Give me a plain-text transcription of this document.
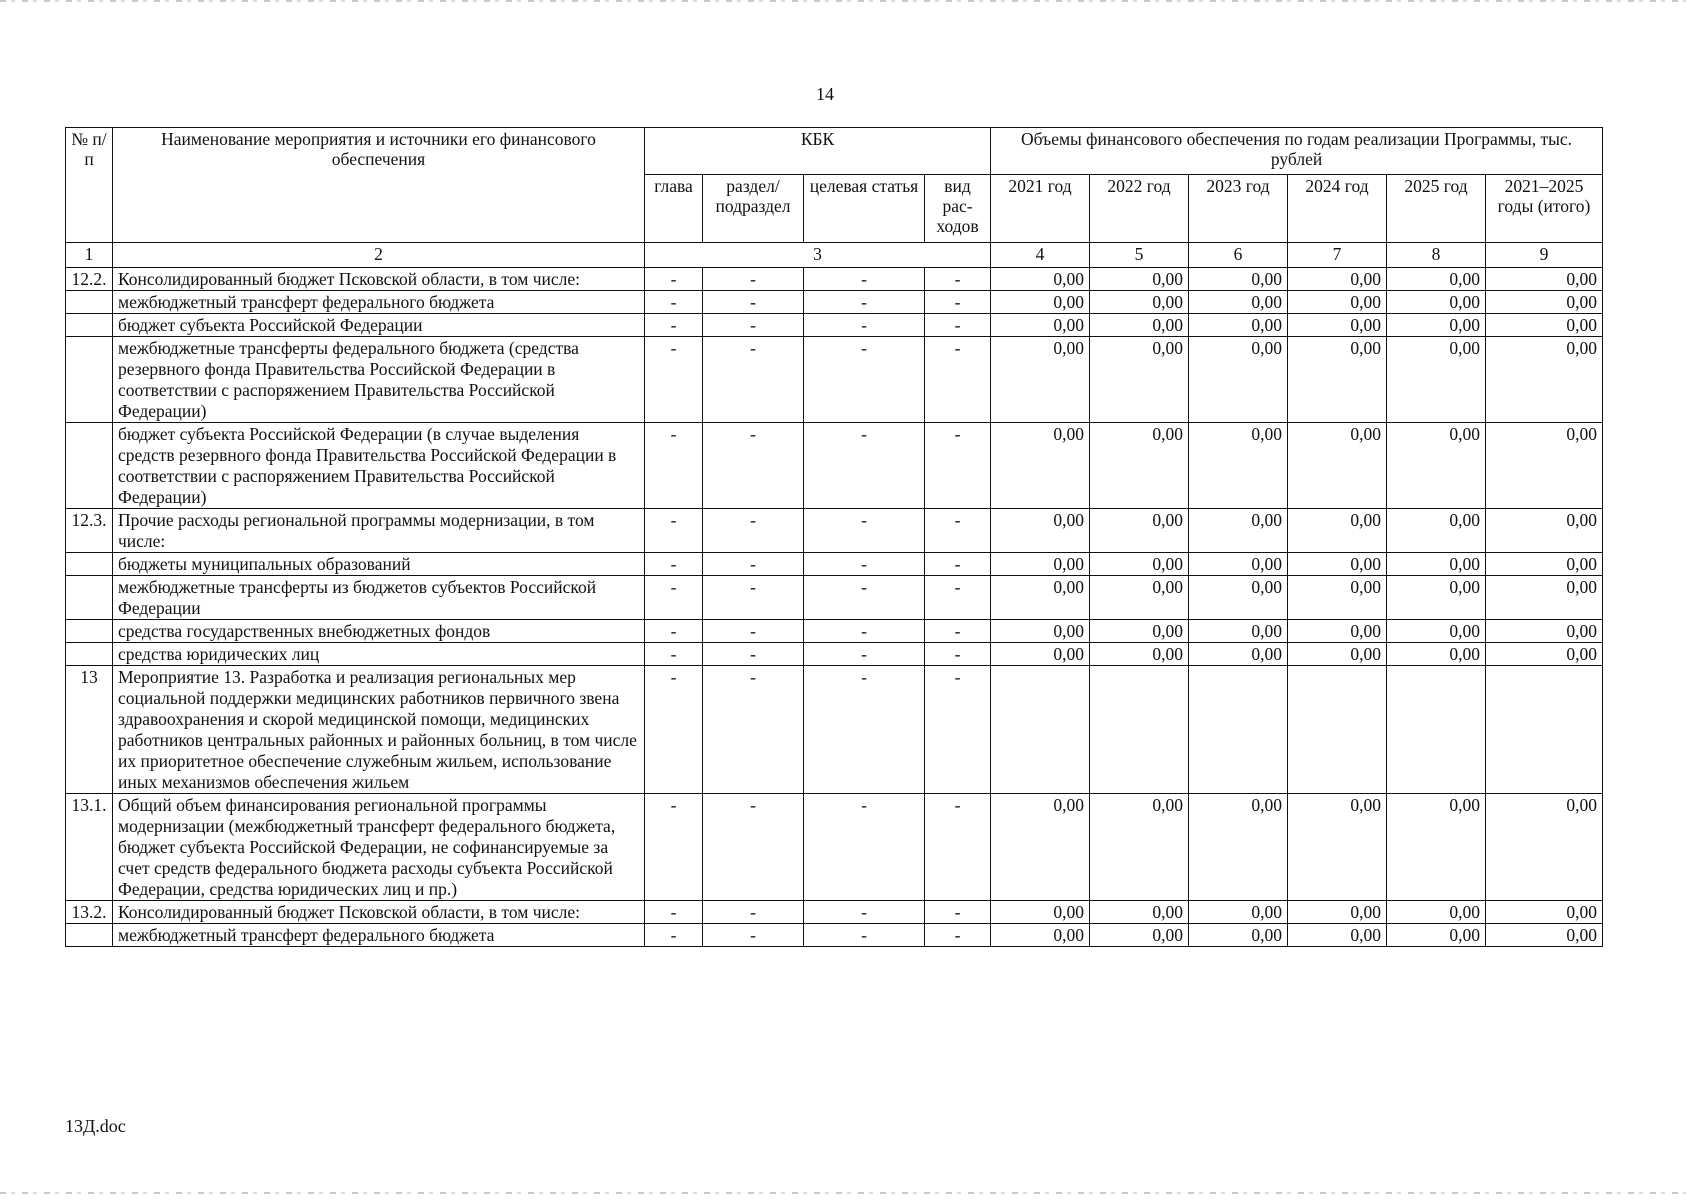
14
№ п/п	Наименование мероприятия и источники его финансового обеспечения	КБК				Объемы финансового обеспечения по годам реализации Программы, тыс. рублей					
		глава	раздел/ подраздел	целевая статья	вид рас- ходов	2021 год	2022 год	2023 год	2024 год	2025 год	2021–2025 годы (итого)
1	2	3				4	5	6	7	8	9
12.2.	Консолидированный бюджет Псковской области, в том числе:	-	-	-	-	0,00	0,00	0,00	0,00	0,00	0,00
	межбюджетный трансферт федерального бюджета	-	-	-	-	0,00	0,00	0,00	0,00	0,00	0,00
	бюджет субъекта Российской Федерации	-	-	-	-	0,00	0,00	0,00	0,00	0,00	0,00
	межбюджетные трансферты федерального бюджета (средства резервного фонда Правительства Российской Федерации в соответствии с распоряжением Правительства Российской Федерации)	-	-	-	-	0,00	0,00	0,00	0,00	0,00	0,00
	бюджет субъекта Российской Федерации (в случае выделения средств резервного фонда Правительства Российской Федерации в соответствии с распоряжением Правительства Российской Федерации)	-	-	-	-	0,00	0,00	0,00	0,00	0,00	0,00
12.3.	Прочие расходы региональной программы модернизации, в том числе:	-	-	-	-	0,00	0,00	0,00	0,00	0,00	0,00
	бюджеты муниципальных образований	-	-	-	-	0,00	0,00	0,00	0,00	0,00	0,00
	межбюджетные трансферты из бюджетов субъектов Российской Федерации	-	-	-	-	0,00	0,00	0,00	0,00	0,00	0,00
	средства государственных внебюджетных фондов	-	-	-	-	0,00	0,00	0,00	0,00	0,00	0,00
	средства юридических лиц	-	-	-	-	0,00	0,00	0,00	0,00	0,00	0,00
13	Мероприятие 13. Разработка и реализация региональных мер социальной поддержки медицинских работников первичного звена здравоохранения и скорой медицинской помощи, медицинских работников центральных районных и районных больниц, в том числе их приоритетное обеспечение служебным жильем, использование иных механизмов обеспечения жильем	-	-	-	-						
13.1.	Общий объем финансирования региональной программы модернизации (межбюджетный трансферт федерального бюджета, бюджет субъекта Российской Федерации, не софинансируемые за счет средств федерального бюджета расходы субъекта Российской Федерации, средства юридических лиц и пр.)	-	-	-	-	0,00	0,00	0,00	0,00	0,00	0,00
13.2.	Консолидированный бюджет Псковской области, в том числе:	-	-	-	-	0,00	0,00	0,00	0,00	0,00	0,00
	межбюджетный трансферт федерального бюджета	-	-	-	-	0,00	0,00	0,00	0,00	0,00	0,00
13Д.doc
